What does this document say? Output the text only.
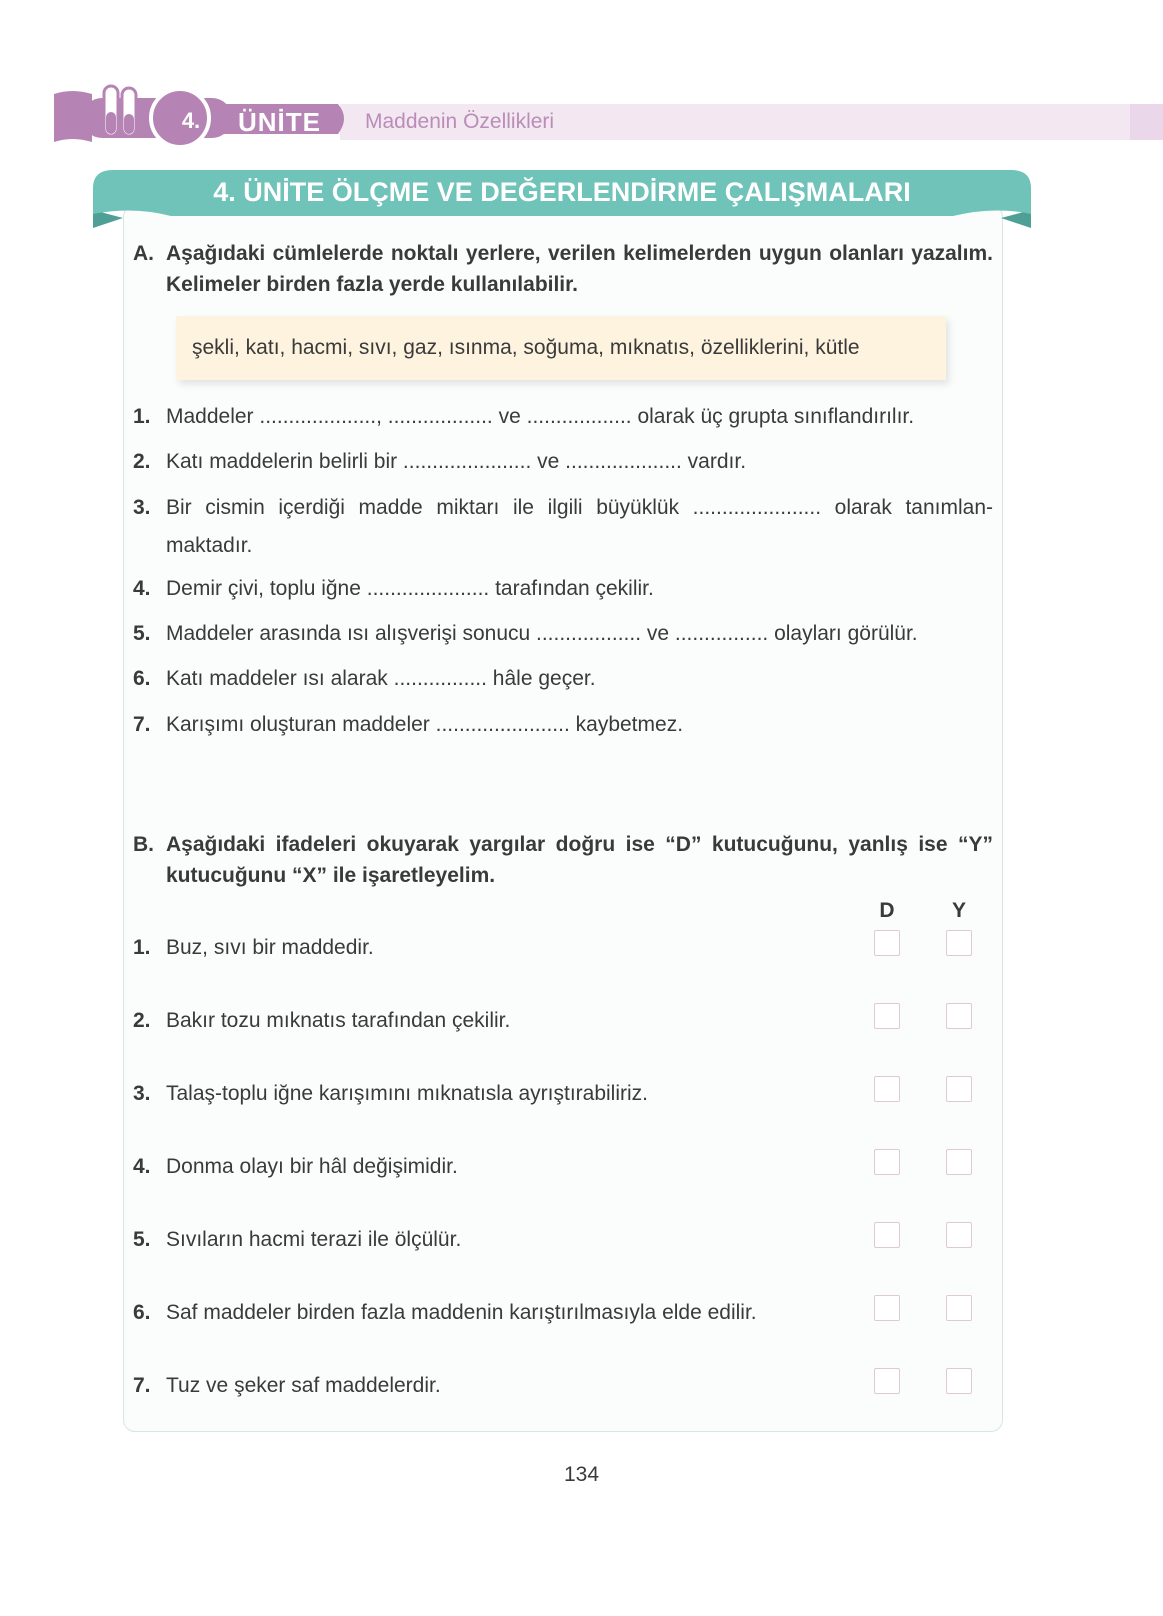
4.	ÜNİTE Maddenin Özellikleri
4. ÜNİTE ÖLÇME VE DEĞERLENDİRME ÇALIŞMALARI
A. Aşağıdaki cümlelerde noktalı yerlere, verilen kelimelerden uygun olanları yazalım. Kelimeler birden fazla yerde kullanılabilir.
şekli, katı, hacmi, sıvı, gaz, ısınma, soğuma, mıknatıs, özelliklerini, kütle
1. Maddeler ...................., .................. ve .................. olarak üç grupta sınıflandırılır.
2. Katı maddelerin belirli bir ...................... ve .................... vardır.
3. Bir cismin içerdiği madde miktarı ile ilgili büyüklük ...................... olarak tanımlan-maktadır.
4. Demir çivi, toplu iğne ..................... tarafından çekilir.
5. Maddeler arasında ısı alışverişi sonucu .................. ve ................ olayları görülür.
6. Katı maddeler ısı alarak ................ hâle geçer.
7. Karışımı oluşturan maddeler ....................... kaybetmez.
B. Aşağıdaki ifadeleri okuyarak yargılar doğru ise “D” kutucuğunu, yanlış ise “Y” kutucuğunu “X” ile işaretleyelim.
D	Y
1. Buz, sıvı bir maddedir.
2. Bakır tozu mıknatıs tarafından çekilir.
3. Talaş-toplu iğne karışımını mıknatısla ayrıştırabiliriz.
4. Donma olayı bir hâl değişimidir.
5. Sıvıların hacmi terazi ile ölçülür.
6. Saf maddeler birden fazla maddenin karıştırılmasıyla elde edilir.
7. Tuz ve şeker saf maddelerdir.
134
